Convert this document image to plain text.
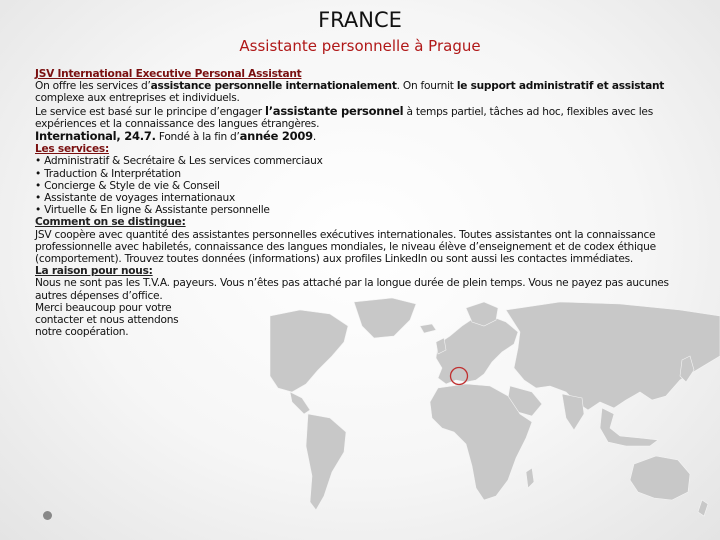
FRANCE
Assistante personnelle à Prague

JSV International Executive Personal Assistant

On offre les services d’assistance personnelle internationalement. On fournit le support administratif et assistant complexe aux entreprises et individuels.

Le service est basé sur le principe d’engager l’assistante personnel à temps partiel, tâches ad hoc, flexibles avec les expériences et la connaissance des langues étrangères.

International, 24.7. Fondé à la fin d’année 2009.

Les services:

• Administratif & Secrétaire & Les services commerciaux

• Traduction & Interprétation

• Concierge & Style de vie & Conseil

• Assistante de voyages internationaux

• Virtuelle & En ligne & Assistante personnelle

Comment on se distingue:

JSV coopère avec quantité des assistantes personnelles exécutives internationales. Toutes assistantes ont la connaissance professionnelle avec habiletés, connaissance des langues mondiales, le niveau élève d’enseignement et de codex éthique (comportement). Trouvez toutes données (informations) aux profiles LinkedIn ou sont aussi les contactes immédiates.

La raison pour nous:

Nous ne sont pas les T.V.A. payeurs. Vous n’êtes pas attaché par la longue durée de plein temps. Vous ne payez pas aucunes autres dépenses d’office.

Merci beaucoup pour votre

contacter et nous attendons

notre coopération.
